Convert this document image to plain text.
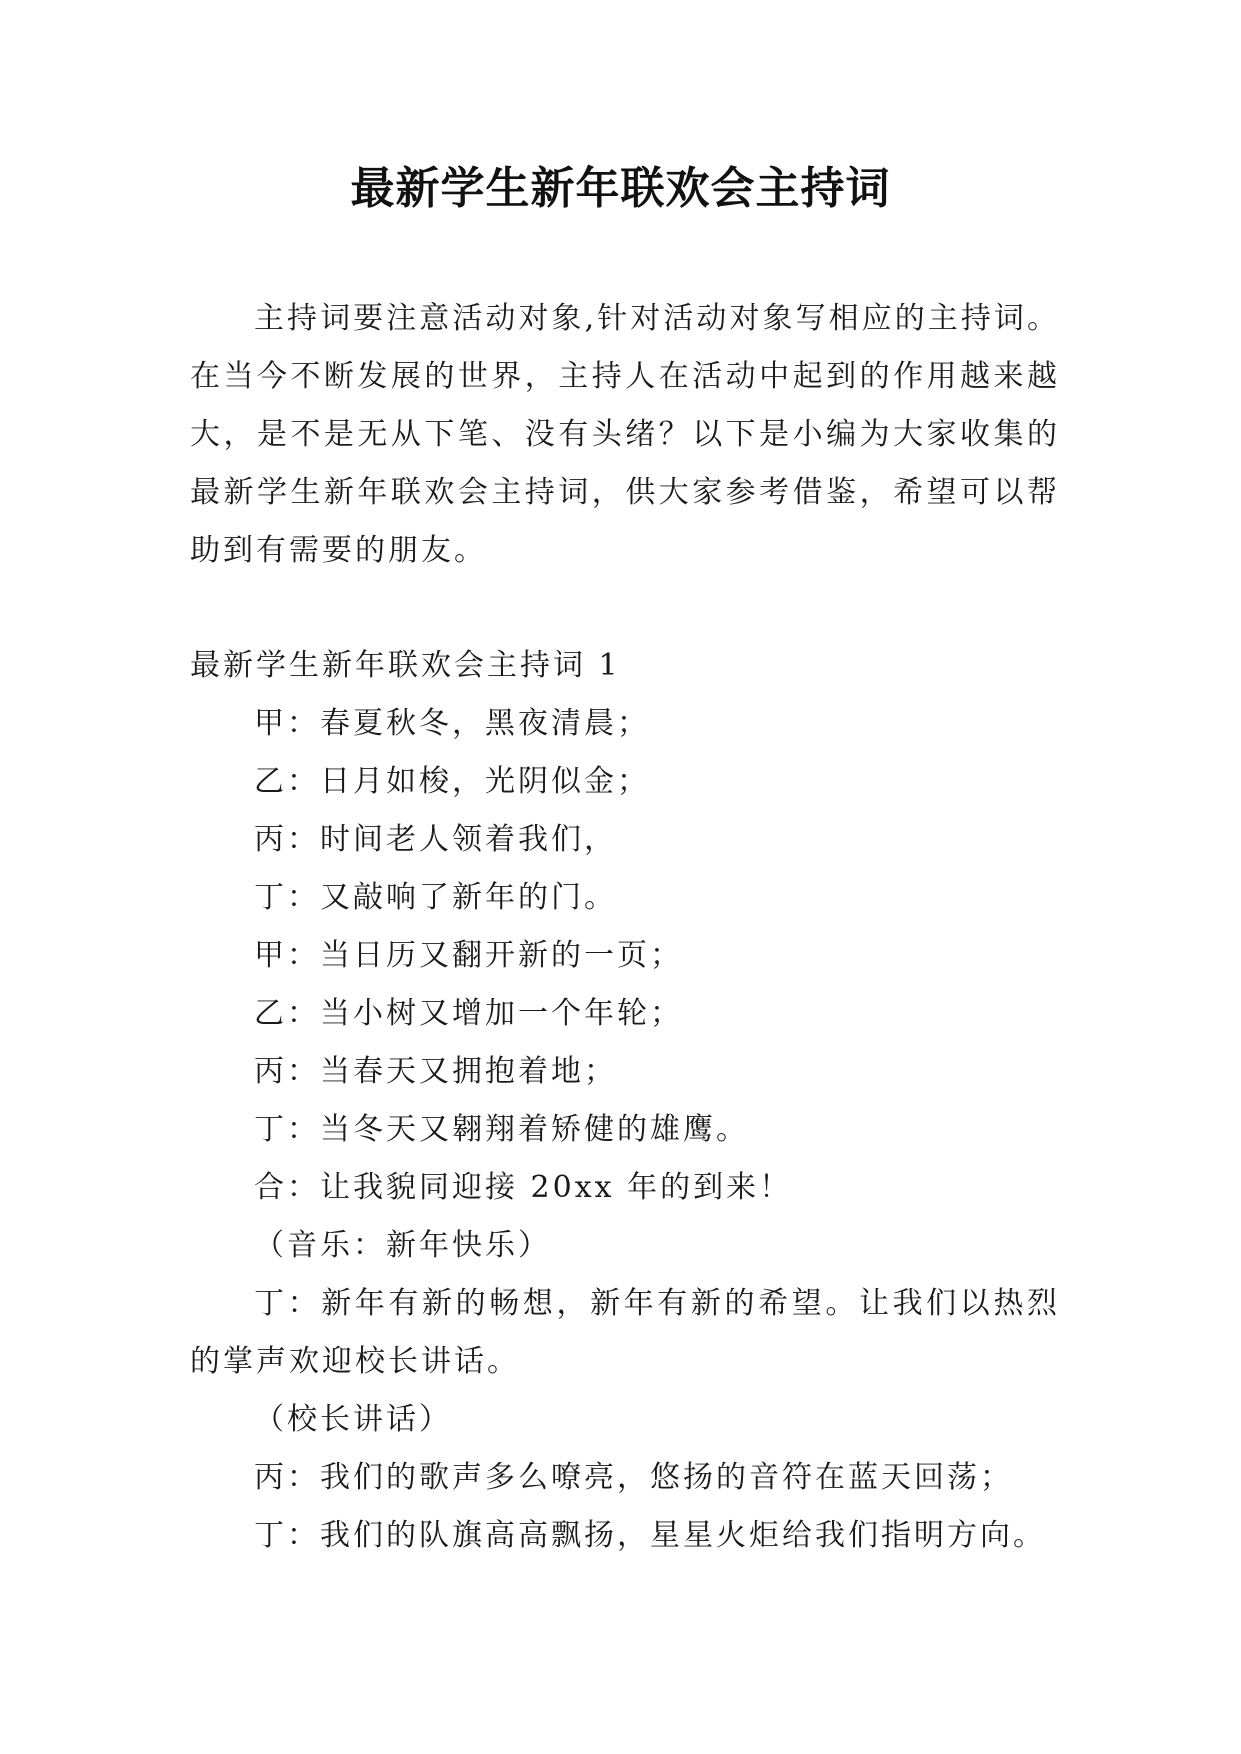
最新学生新年联欢会主持词
主持词要注意活动对象,针对活动对象写相应的主持词。在当今不断发展的世界，主持人在活动中起到的作用越来越大，是不是无从下笔、没有头绪？以下是小编为大家收集的最新学生新年联欢会主持词，供大家参考借鉴，希望可以帮助到有需要的朋友。
最新学生新年联欢会主持词 1
甲：春夏秋冬，黑夜清晨；
乙：日月如梭，光阴似金；
丙：时间老人领着我们，
丁：又敲响了新年的门。
甲：当日历又翻开新的一页；
乙：当小树又增加一个年轮；
丙：当春天又拥抱着地；
丁：当冬天又翱翔着矫健的雄鹰。
合：让我貌同迎接 20xx 年的到来！
（音乐：新年快乐）
丁：新年有新的畅想，新年有新的希望。让我们以热烈的掌声欢迎校长讲话。
（校长讲话）
丙：我们的歌声多么嘹亮，悠扬的音符在蓝天回荡；
丁：我们的队旗高高飘扬，星星火炬给我们指明方向。
